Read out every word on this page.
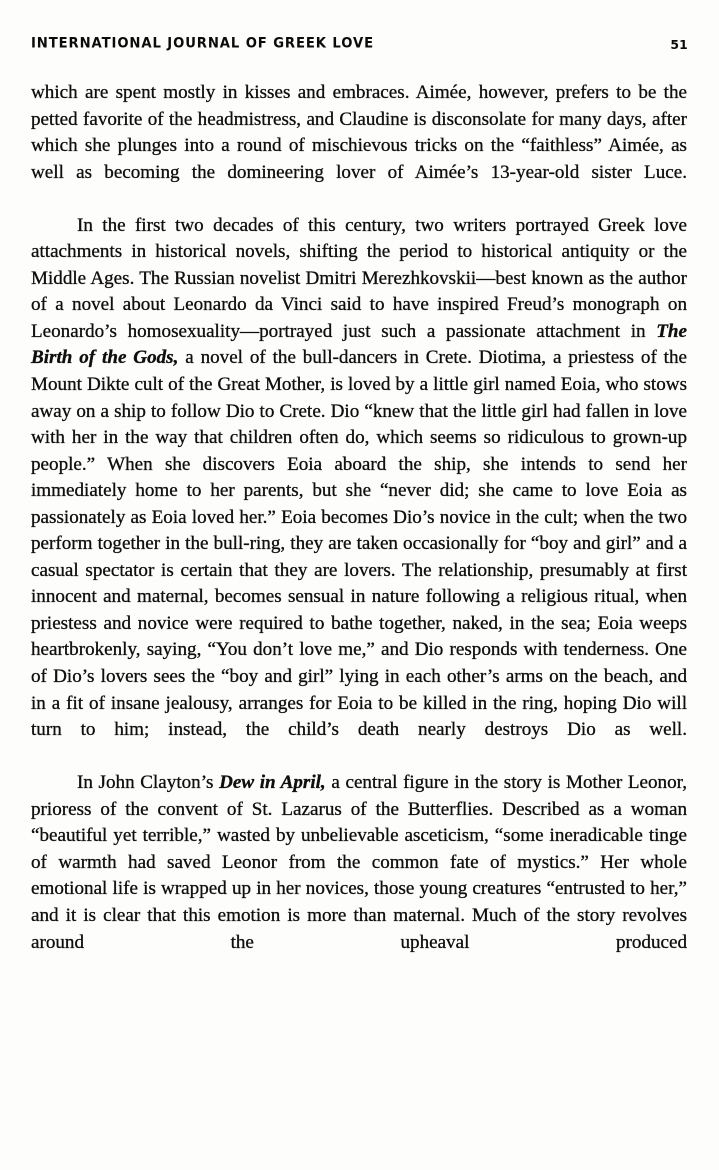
INTERNATIONAL JOURNAL OF GREEK LOVE	51

which are spent mostly in kisses and embraces. Aimée, however, prefers to be the petted favorite of the headmistress, and Claudine is disconsolate for many days, after which she plunges into a round of mischievous tricks on the “faithless” Aimée, as well as becoming the domineering lover of Aimée’s 13-year-old sister Luce.

In the first two decades of this century, two writers portrayed Greek love attachments in historical novels, shifting the period to historical antiquity or the Middle Ages. The Russian novelist Dmitri Merezhkovskii—best known as the author of a novel about Leonardo da Vinci said to have inspired Freud’s monograph on Leonardo’s homosexuality—portrayed just such a passionate attachment in The Birth of the Gods, a novel of the bull-dancers in Crete. Diotima, a priestess of the Mount Dikte cult of the Great Mother, is loved by a little girl named Eoia, who stows away on a ship to follow Dio to Crete. Dio “knew that the little girl had fallen in love with her in the way that children often do, which seems so ridiculous to grown-up people.” When she discovers Eoia aboard the ship, she intends to send her immediately home to her parents, but she “never did; she came to love Eoia as passionately as Eoia loved her.” Eoia becomes Dio’s novice in the cult; when the two perform together in the bull-ring, they are taken occasionally for “boy and girl” and a casual spectator is certain that they are lovers. The relationship, presumably at first innocent and maternal, becomes sensual in nature following a religious ritual, when priestess and novice were required to bathe together, naked, in the sea; Eoia weeps heartbrokenly, saying, “You don’t love me,” and Dio responds with tenderness. One of Dio’s lovers sees the “boy and girl” lying in each other’s arms on the beach, and in a fit of insane jealousy, arranges for Eoia to be killed in the ring, hoping Dio will turn to him; instead, the child’s death nearly destroys Dio as well.

In John Clayton’s Dew in April, a central figure in the story is Mother Leonor, prioress of the convent of St. Lazarus of the Butterflies. Described as a woman “beautiful yet terrible,” wasted by unbelievable asceticism, “some ineradicable tinge of warmth had saved Leonor from the common fate of mystics.” Her whole emotional life is wrapped up in her novices, those young creatures “entrusted to her,” and it is clear that this emotion is more than maternal. Much of the story revolves around the upheaval produced
